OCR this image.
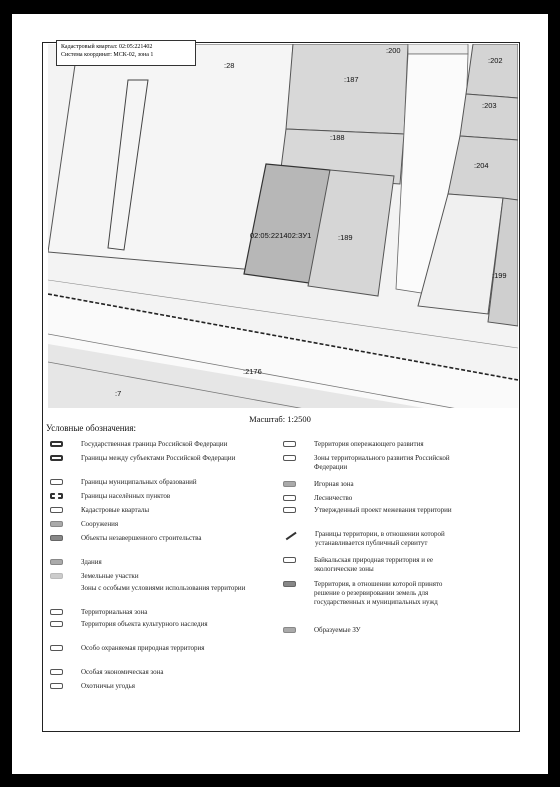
:28
:200
:187
:202
:203
:188
:204
02:05:221402:ЗУ1	:189
:199
:2176
:7
Кадастровый квартал: 02:05:221402
Система координат: МСК-02, зона 1
Масштаб: 1:2500
Условные обозначения:
Государственная граница Российской Федерации
Границы между субъектами Российской Федерации
Границы муниципальных образований
Границы населённых пунктов
Кадастровые кварталы
Сооружения
Объекты незавершенного строительства
Здания
Земельные участки
Зоны с особыми условиями использования территории
Территориальная зона
Территория объекта культурного наследия
Особо охраняемая природная территория
Особая экономическая зона
Охотничьи угодья
Территория опережающего развития
Зоны территориального развития Российской Федерации
Игорная зона
Лесничество
Утвержденный проект межевания территории
Границы территории, в отношении которой устанавливается публичный сервитут
Байкальская природная территория и ее экологические зоны
Территория, в отношении которой принято решение о резервировании земель для государственных и муниципальных нужд
Образуемые ЗУ
